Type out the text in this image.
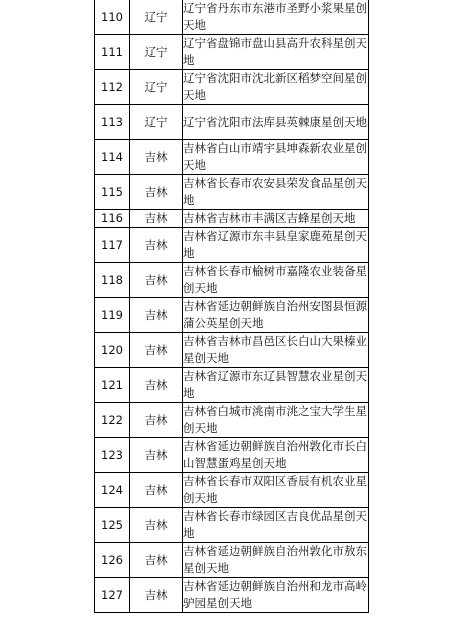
110	辽宁	辽宁省丹东市东港市圣野小浆果星创天地
111	辽宁	辽宁省盘锦市盘山县高升农科星创天地
112	辽宁	辽宁省沈阳市沈北新区稻梦空间星创天地
113	辽宁	辽宁省沈阳市法库县英棘康星创天地
114	吉林	吉林省白山市靖宇县坤森新农业星创天地
115	吉林	吉林省长春市农安县荣发食品星创天地
116	吉林	吉林省吉林市丰满区吉蜂星创天地
117	吉林	吉林省辽源市东丰县皇家鹿苑星创天地
118	吉林	吉林省长春市榆树市嘉隆农业装备星创天地
119	吉林	吉林省延边朝鲜族自治州安图县恒源蒲公英星创天地
120	吉林	吉林省吉林市昌邑区长白山大果榛业星创天地
121	吉林	吉林省辽源市东辽县智慧农业星创天地
122	吉林	吉林省白城市洮南市洮之宝大学生星创天地
123	吉林	吉林省延边朝鲜族自治州敦化市长白山智慧蛋鸡星创天地
124	吉林	吉林省长春市双阳区香辰有机农业星创天地
125	吉林	吉林省长春市绿园区吉良优品星创天地
126	吉林	吉林省延边朝鲜族自治州敦化市敖东星创天地
127	吉林	吉林省延边朝鲜族自治州和龙市高岭驴园星创天地
